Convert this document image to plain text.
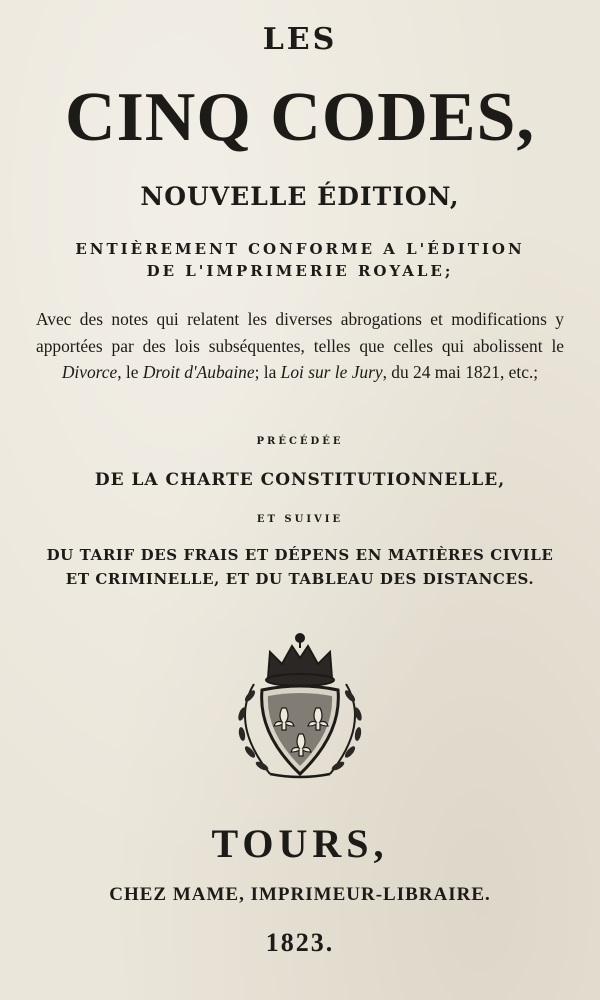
LES
CINQ CODES,
NOUVELLE ÉDITION,
ENTIÈREMENT CONFORME A L'ÉDITION
DE L'IMPRIMERIE ROYALE;
Avec des notes qui relatent les diverses abrogations et modifications y apportées par des lois subséquentes, telles que celles qui abolissent le Divorce, le Droit d'Aubaine; la Loi sur le Jury, du 24 mai 1821, etc.;
PRÉCÉDÉE
DE LA CHARTE CONSTITUTIONNELLE,
ET SUIVIE
DU TARIF DES FRAIS ET DÉPENS EN MATIÈRES CIVILE
ET CRIMINELLE, ET DU TABLEAU DES DISTANCES.
TOURS,
CHEZ MAME, IMPRIMEUR-LIBRAIRE.
1823.
